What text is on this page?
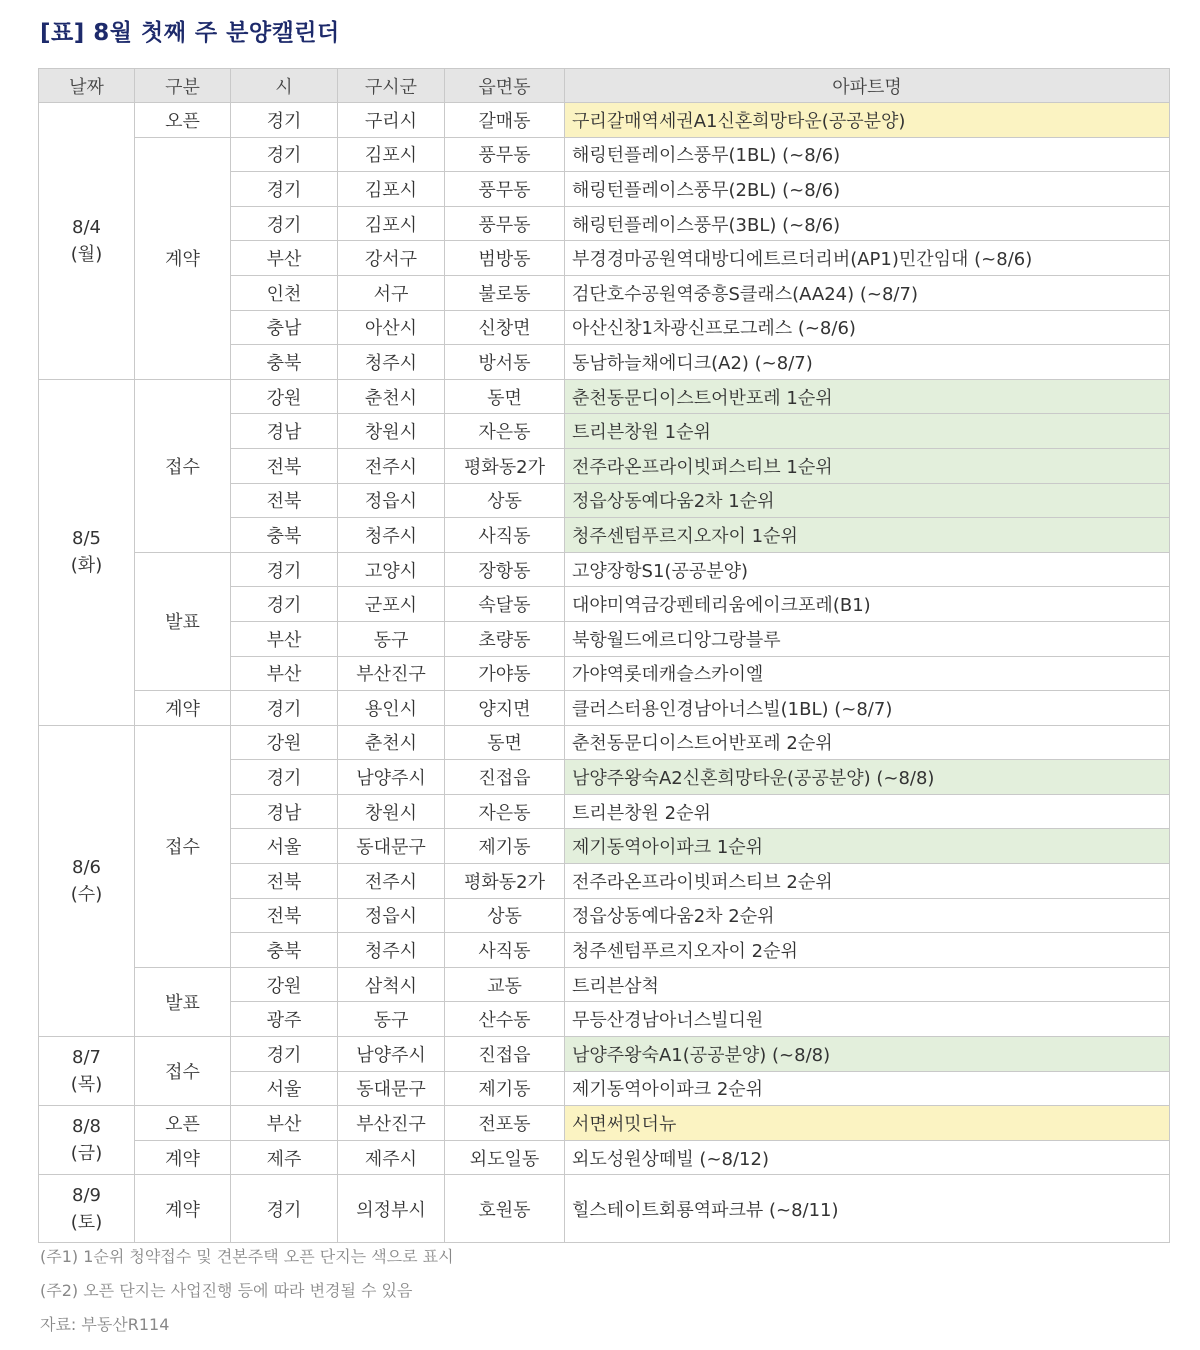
[표] 8월 첫째 주 분양캘린더
날짜	구분	시	구시군	읍면동	아파트명
8/4
(월)	오픈	경기	구리시	갈매동	구리갈매역세권A1신혼희망타운(공공분양)
	계약	경기	김포시	풍무동	해링턴플레이스풍무(1BL) (~8/6)
		경기	김포시	풍무동	해링턴플레이스풍무(2BL) (~8/6)
		경기	김포시	풍무동	해링턴플레이스풍무(3BL) (~8/6)
		부산	강서구	범방동	부경경마공원역대방디에트르더리버(AP1)민간임대 (~8/6)
		인천	서구	불로동	검단호수공원역중흥S클래스(AA24) (~8/7)
		충남	아산시	신창면	아산신창1차광신프로그레스 (~8/6)
		충북	청주시	방서동	동남하늘채에디크(A2) (~8/7)
8/5
(화)	접수	강원	춘천시	동면	춘천동문디이스트어반포레 1순위
		경남	창원시	자은동	트리븐창원 1순위
		전북	전주시	평화동2가	전주라온프라이빗퍼스티브 1순위
		전북	정읍시	상동	정읍상동예다움2차 1순위
		충북	청주시	사직동	청주센텀푸르지오자이 1순위
	발표	경기	고양시	장항동	고양장항S1(공공분양)
		경기	군포시	속달동	대야미역금강펜테리움에이크포레(B1)
		부산	동구	초량동	북항월드에르디앙그랑블루
		부산	부산진구	가야동	가야역롯데캐슬스카이엘
	계약	경기	용인시	양지면	클러스터용인경남아너스빌(1BL) (~8/7)
8/6
(수)	접수	강원	춘천시	동면	춘천동문디이스트어반포레 2순위
		경기	남양주시	진접읍	남양주왕숙A2신혼희망타운(공공분양) (~8/8)
		경남	창원시	자은동	트리븐창원 2순위
		서울	동대문구	제기동	제기동역아이파크 1순위
		전북	전주시	평화동2가	전주라온프라이빗퍼스티브 2순위
		전북	정읍시	상동	정읍상동예다움2차 2순위
		충북	청주시	사직동	청주센텀푸르지오자이 2순위
	발표	강원	삼척시	교동	트리븐삼척
		광주	동구	산수동	무등산경남아너스빌디원
8/7
(목)	접수	경기	남양주시	진접읍	남양주왕숙A1(공공분양) (~8/8)
		서울	동대문구	제기동	제기동역아이파크 2순위
8/8
(금)	오픈	부산	부산진구	전포동	서면써밋더뉴
	계약	제주	제주시	외도일동	외도성원상떼빌 (~8/12)
8/9
(토)	계약	경기	의정부시	호원동	힐스테이트회룡역파크뷰 (~8/11)
(주1) 1순위 청약접수 및 견본주택 오픈 단지는 색으로 표시
(주2) 오픈 단지는 사업진행 등에 따라 변경될 수 있음
자료: 부동산R114
